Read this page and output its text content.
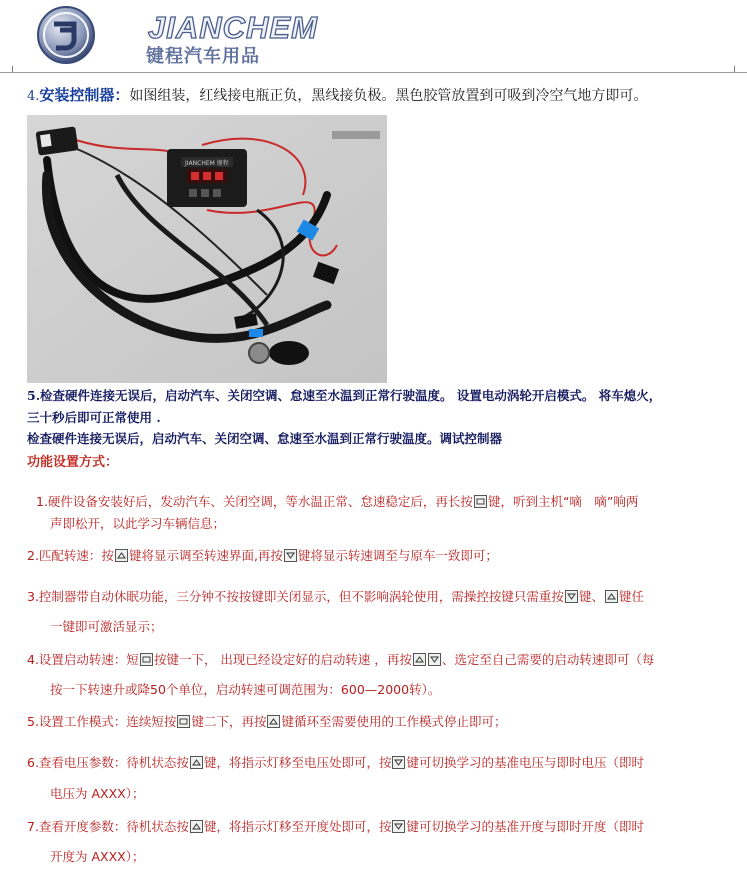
JIANCHEM
键程汽车用品
4.安装控制器：如图组装，红线接电瓶正负，黑线接负极。黑色胶管放置到可吸到冷空气地方即可。
JIANCHEM 键程
5.检查硬件连接无误后，启动汽车、关闭空调、怠速至水温到正常行驶温度。 设置电动涡轮开启模式。 将车熄火，
三十秒后即可正常使用 .
检查硬件连接无误后，启动汽车、关闭空调、怠速至水温到正常行驶温度。调试控制器
功能设置方式：
1.硬件设备安装好后，发动汽车、关闭空调，等水温正常、怠速稳定后，再长按 键，听到主机“嘀　嘀”响两
声即松开，以此学习车辆信息；
2.匹配转速：按 键将显示调至转速界面,再按 键将显示转速调至与原车一致即可；
3.控制器带自动休眠功能，三分钟不按按键即关闭显示，但不影响涡轮使用，需操控按键只需重按 键、 键任
一键即可激活显示；
4.设置启动转速：短 按键一下， 出现已经设定好的启动转速 ，再按 、选定至自己需要的启动转速即可（每
按一下转速升或降50个单位，启动转速可调范围为：600—2000转）。
5.设置工作模式：连续短按 键二下，再按 键循环至需要使用的工作模式停止即可；
6.查看电压参数：待机状态按 键，将指示灯移至电压处即可，按 键可切换学习的基准电压与即时电压（即时
电压为 AXXX）；
7.查看开度参数：待机状态按 键，将指示灯移至开度处即可，按 键可切换学习的基准开度与即时开度（即时
开度为 AXXX）；
